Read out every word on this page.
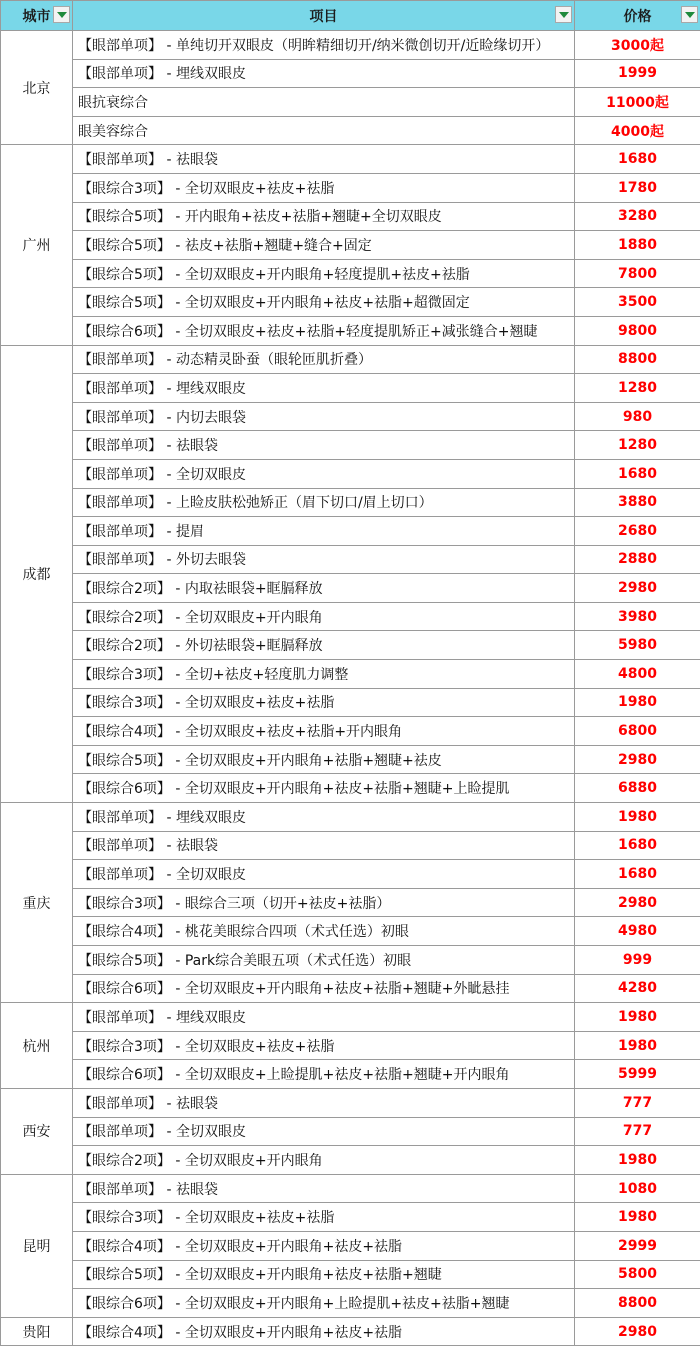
城市	项目	价格

北京	【眼部单项】 - 单纯切开双眼皮（明眸精细切开/纳米微创切开/近睑缘切开）	3000起
	【眼部单项】 - 埋线双眼皮	1999
	眼抗衰综合	11000起
	眼美容综合	4000起
广州	【眼部单项】 - 祛眼袋	1680
	【眼综合3项】 - 全切双眼皮+祛皮+祛脂	1780
	【眼综合5项】 - 开内眼角+祛皮+祛脂+翘睫+全切双眼皮	3280
	【眼综合5项】 - 祛皮+祛脂+翘睫+缝合+固定	1880
	【眼综合5项】 - 全切双眼皮+开内眼角+轻度提肌+祛皮+祛脂	7800
	【眼综合5项】 - 全切双眼皮+开内眼角+祛皮+祛脂+超微固定	3500
	【眼综合6项】 - 全切双眼皮+祛皮+祛脂+轻度提肌矫正+减张缝合+翘睫	9800
成都	【眼部单项】 - 动态精灵卧蚕（眼轮匝肌折叠）	8800
	【眼部单项】 - 埋线双眼皮	1280
	【眼部单项】 - 内切去眼袋	980
	【眼部单项】 - 祛眼袋	1280
	【眼部单项】 - 全切双眼皮	1680
	【眼部单项】 - 上睑皮肤松弛矫正（眉下切口/眉上切口）	3880
	【眼部单项】 - 提眉	2680
	【眼部单项】 - 外切去眼袋	2880
	【眼综合2项】 - 内取祛眼袋+眶膈释放	2980
	【眼综合2项】 - 全切双眼皮+开内眼角	3980
	【眼综合2项】 - 外切祛眼袋+眶膈释放	5980
	【眼综合3项】 - 全切+祛皮+轻度肌力调整	4800
	【眼综合3项】 - 全切双眼皮+祛皮+祛脂	1980
	【眼综合4项】 - 全切双眼皮+祛皮+祛脂+开内眼角	6800
	【眼综合5项】 - 全切双眼皮+开内眼角+祛脂+翘睫+祛皮	2980
	【眼综合6项】 - 全切双眼皮+开内眼角+祛皮+祛脂+翘睫+上睑提肌	6880
重庆	【眼部单项】 - 埋线双眼皮	1980
	【眼部单项】 - 祛眼袋	1680
	【眼部单项】 - 全切双眼皮	1680
	【眼综合3项】 - 眼综合三项（切开+祛皮+祛脂）	2980
	【眼综合4项】 - 桃花美眼综合四项（术式任选）初眼	4980
	【眼综合5项】 - Park综合美眼五项（术式任选）初眼	999
	【眼综合6项】 - 全切双眼皮+开内眼角+祛皮+祛脂+翘睫+外眦悬挂	4280
杭州	【眼部单项】 - 埋线双眼皮	1980
	【眼综合3项】 - 全切双眼皮+祛皮+祛脂	1980
	【眼综合6项】 - 全切双眼皮+上睑提肌+祛皮+祛脂+翘睫+开内眼角	5999
西安	【眼部单项】 - 祛眼袋	777
	【眼部单项】 - 全切双眼皮	777
	【眼综合2项】 - 全切双眼皮+开内眼角	1980
昆明	【眼部单项】 - 祛眼袋	1080
	【眼综合3项】 - 全切双眼皮+祛皮+祛脂	1980
	【眼综合4项】 - 全切双眼皮+开内眼角+祛皮+祛脂	2999
	【眼综合5项】 - 全切双眼皮+开内眼角+祛皮+祛脂+翘睫	5800
	【眼综合6项】 - 全切双眼皮+开内眼角+上睑提肌+祛皮+祛脂+翘睫	8800
贵阳	【眼综合4项】 - 全切双眼皮+开内眼角+祛皮+祛脂	2980
